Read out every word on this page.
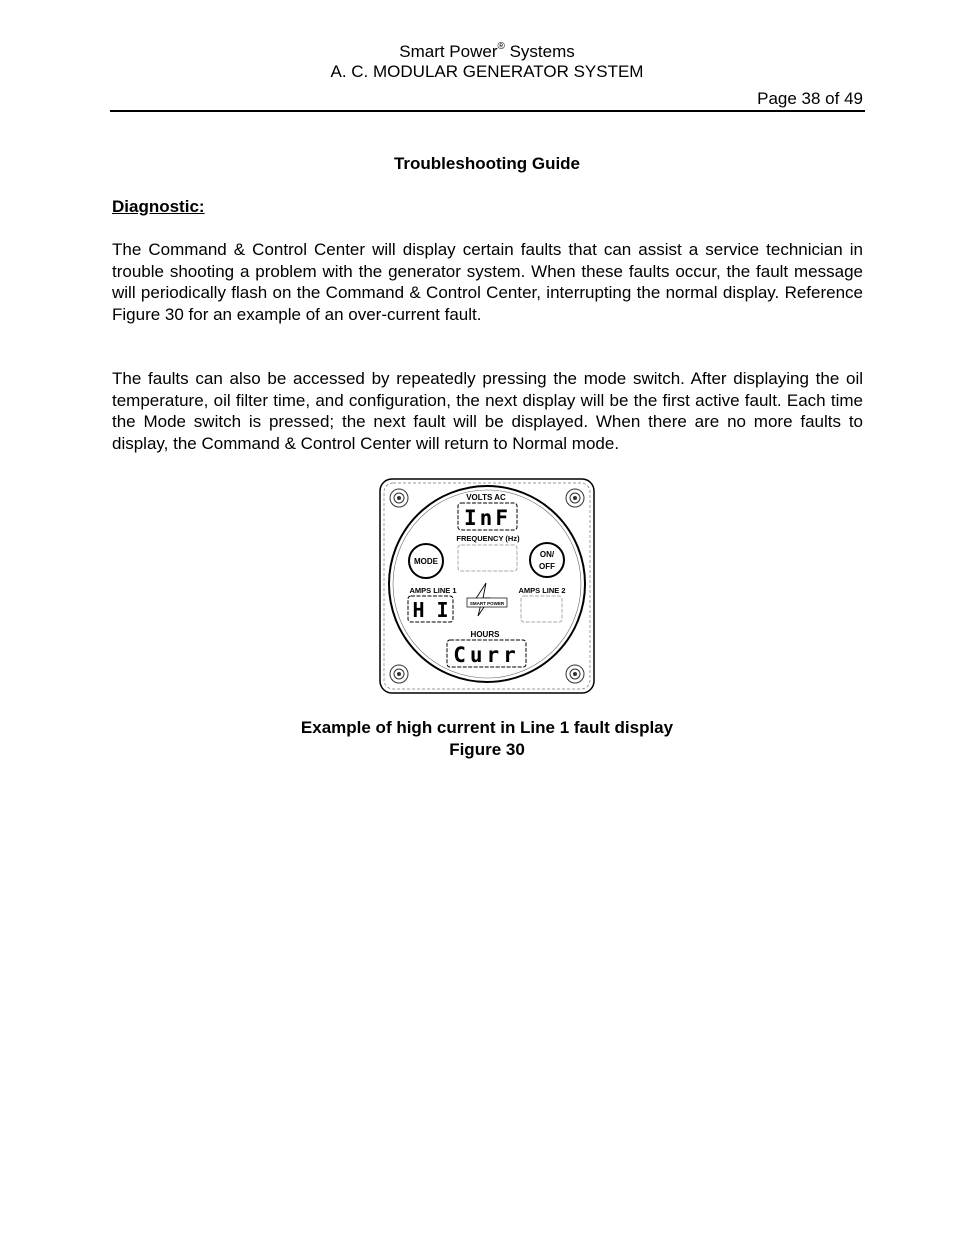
Smart Power® Systems
A. C. MODULAR GENERATOR SYSTEM
Page 38 of 49
Troubleshooting Guide
Diagnostic:

The Command & Control Center will display certain faults that can assist a service technician in trouble shooting a problem with the generator system. When these faults occur, the fault message will periodically flash on the Command & Control Center, interrupting the normal display. Reference Figure 30 for an example of an over-current fault.

The faults can also be accessed by repeatedly pressing the mode switch. After displaying the oil temperature, oil filter time, and configuration, the next display will be the first active fault. Each time the Mode switch is pressed; the next fault will be displayed. When there are no more faults to display, the Command & Control Center will return to Normal mode.

VOLTS AC
InF
FREQUENCY (Hz)
MODE
ON/
OFF
AMPS LINE 1
H I
AMPS LINE 2
SMART POWER
HOURS
Curr
Example of high current in Line 1 fault display
Figure 30
